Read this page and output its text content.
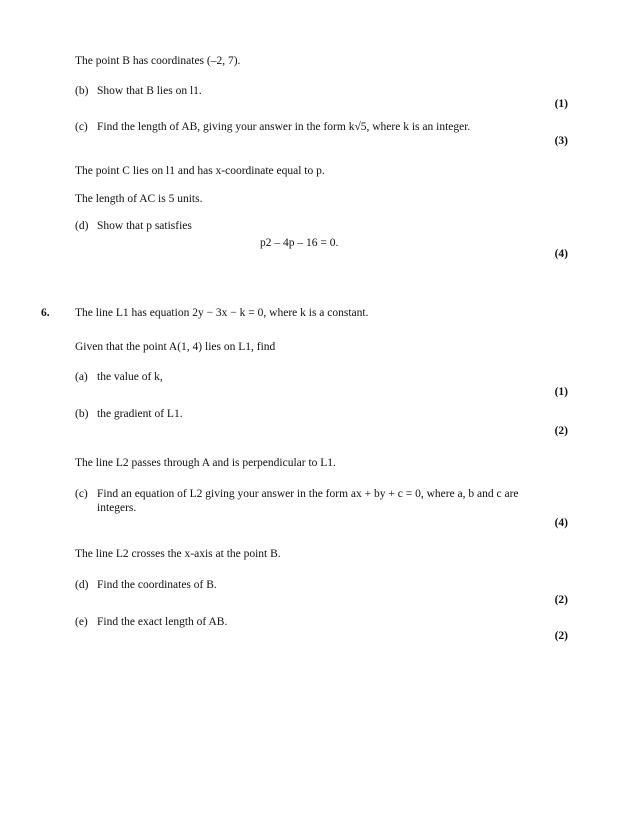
The point B has coordinates (–2, 7).
(b) Show that B lies on l1.
(1)
(c) Find the length of AB, giving your answer in the form k√5, where k is an integer.
(3)
The point C lies on l1 and has x-coordinate equal to p.
The length of AC is 5 units.
(d) Show that p satisfies
p2 – 4p – 16 = 0.
(4)
6. The line L1 has equation 2y − 3x − k = 0, where k is a constant.
Given that the point A(1, 4) lies on L1, find
(a) the value of k,
(1)
(b) the gradient of L1.
(2)
The line L2 passes through A and is perpendicular to L1.
(c) Find an equation of L2 giving your answer in the form ax + by + c = 0, where a, b and c are
integers.
(4)
The line L2 crosses the x-axis at the point B.
(d) Find the coordinates of B.
(2)
(e) Find the exact length of AB.
(2)
